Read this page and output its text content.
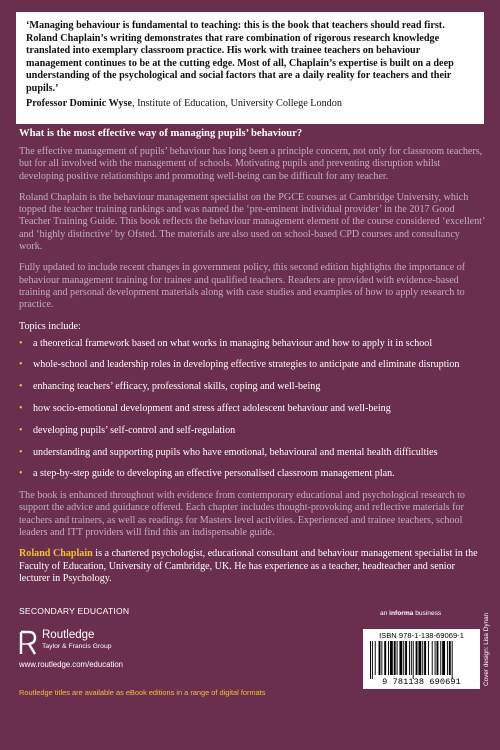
‘Managing behaviour is fundamental to teaching: this is the book that teachers should read first. Roland Chaplain’s writing demonstrates that rare combination of rigorous research knowledge translated into exemplary classroom practice. His work with trainee teachers on behaviour management continues to be at the cutting edge. Most of all, Chaplain’s expertise is built on a deep understanding of the psychological and social factors that are a daily reality for teachers and their pupils.’

Professor Dominic Wyse, Institute of Education, University College London

What is the most effective way of managing pupils’ behaviour?

The effective management of pupils’ behaviour has long been a principle concern, not only for classroom teachers, but for all involved with the management of schools. Motivating pupils and preventing disruption whilst developing positive relationships and promoting well-being can be difficult for any teacher.

Roland Chaplain is the behaviour management specialist on the PGCE courses at Cambridge University, which topped the teacher training rankings and was named the ‘pre-eminent individual provider’ in the 2017 Good Teacher Training Guide. This book reflects the behaviour management element of the course considered ‘excellent’ and ‘highly distinctive’ by Ofsted. The materials are also used on school-based CPD courses and consultancy work.

Fully updated to include recent changes in government policy, this second edition highlights the importance of behaviour management training for trainee and qualified teachers. Readers are provided with evidence-based training and personal development materials along with case studies and examples of how to apply research to practice.

Topics include:

• a theoretical framework based on what works in managing behaviour and how to apply it in school
• whole-school and leadership roles in developing effective strategies to anticipate and eliminate disruption
• enhancing teachers’ efficacy, professional skills, coping and well-being
• how socio-emotional development and stress affect adolescent behaviour and well-being
• developing pupils’ self-control and self-regulation
• understanding and supporting pupils who have emotional, behavioural and mental health difficulties
• a step-by-step guide to developing an effective personalised classroom management plan.

The book is enhanced throughout with evidence from contemporary educational and psychological research to support the advice and guidance offered. Each chapter includes thought-provoking and reflective materials for teachers and trainers, as well as readings for Masters level activities. Experienced and trainee teachers, school leaders and ITT providers will find this an indispensable guide.

Roland Chaplain is a chartered psychologist, educational consultant and behaviour management specialist in the Faculty of Education, University of Cambridge, UK. He has experience as a teacher, headteacher and senior lecturer in Psychology.

SECONDARY EDUCATION
Routledge
Taylor & Francis Group
www.routledge.com/education
Routledge titles are available as eBook editions in a range of digital formats
an informa business
ISBN 978-1-138-69069-1
9 781138 690691	Cover design: Lisa Dynan
